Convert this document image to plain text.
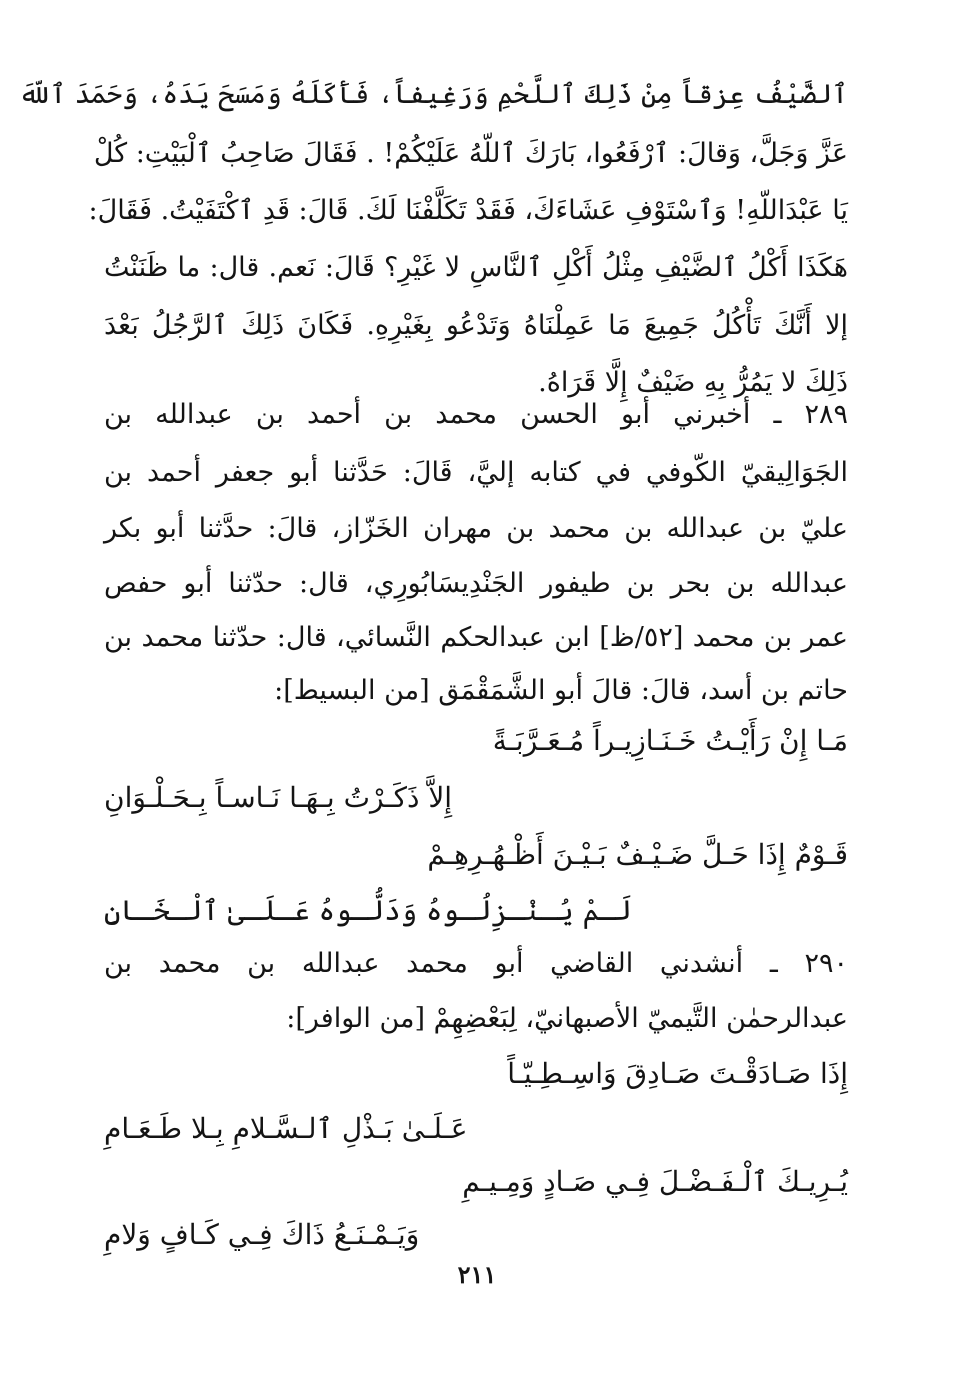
ٱلضَّيْفُ عِزقاً مِنْ ذَلِكَ ٱللَّحْمِ وَرَغِيفاً، فَأَكَلَهُ وَمَسَحَ يَدَهُ، وَحَمَدَ ٱللّهَ
عَزَّ وَجَلَّ، وَقالَ: ٱرْفَعُوا، بَارَكَ ٱللّهُ عَلَيْكُمْ! . فَقَالَ صَاحِبُ ٱلْبَيْتِ: كُلْ
يَا عَبْدَاللّهِ! وَٱسْتَوْفِ عَشَاءَكَ، فَقَدْ تَكَلَّفْنَا لَكَ. قَالَ: قَدِ ٱكْتَفَيْتُ. فَقَالَ:
هَكَذَا أَكْلُ ٱلضَّيْفِ مِثْلُ أَكْلِ ٱلنَّاسِ لا غَيْرِ؟ قَالَ: نَعم. قال: ما ظَنَنْتُ
إلا أَنَّكَ تَأْكُلُ جَمِيعَ مَا عَمِلْنَاهُ وَتَدْعُو بِغَيْرِهِ. فَكَانَ ذَلِكَ ٱلرَّجُلُ بَعْدَ
ذَلِكَ لا يَمُرُّ بِهِ ضَيْفٌ إِلَّا قَرَاهُ.
٢٨٩ ـ أخبرني أبو الحسن محمد بن أحمد بن عبدالله بن
الجَوَالِيقيّ الكّوفي في كتابه إليَّ، قَالَ: حَدَّثنا أبو جعفر أحمد بن
عليّ بن عبدالله بن محمد بن مهران الخَزّاز، قالَ: حدَّثنا أبو بكر
عبدالله بن بحر بن طيفور الجَنْدِيسَابُورِي، قال: حدّثنا أبو حفص
عمر بن محمد [٥٢/ظ] ابن عبدالحكم النَّسائي، قال: حدّثنا محمد بن
حاتم بن أسد، قالَ: قالَ أبو الشَّمَقْمَق [من البسيط]:
مَـا إِنْ رَأَيْـتُ خَـنَـازِيـراً مُـعَـرَّبَـةً
إِلاَّ ذَكَـرْتُ بِـهَـا نَـاسـاً بِـحَـلْـوَانِ
قَـوْمٌ إِذَا حَـلَّ ضَـيْـفٌ بَـيْـنَ أَظْـهُـرِهِـمْ
لَـمْ يُـنْـزِلُـوهُ وَدَلُّـوهُ عَـلَـىٰ ٱلْـخَـانِ
٢٩٠ ـ أنشدني القاضي أبو محمد عبدالله بن محمد بن
عبدالرحمٰن التَّيميّ الأصبهانيّ، لِبَعْضِهِمْ [من الوافر]:
إِذَا صَـادَقْـتَ صَـادِقَ وَاسِـطِـيّـاً
عَـلَـىٰ بَـذْلِ ٱلـسَّـلامِ بِـلا طَـعَـامِ
يُـرِيـكَ ٱلْـفَـضْـلَ فِـي صَـادٍ وَمِـيـمِ
وَيَـمْـنَـعُ ذَاكَ فِـي كَـافٍ وَلامِ
٢١١
